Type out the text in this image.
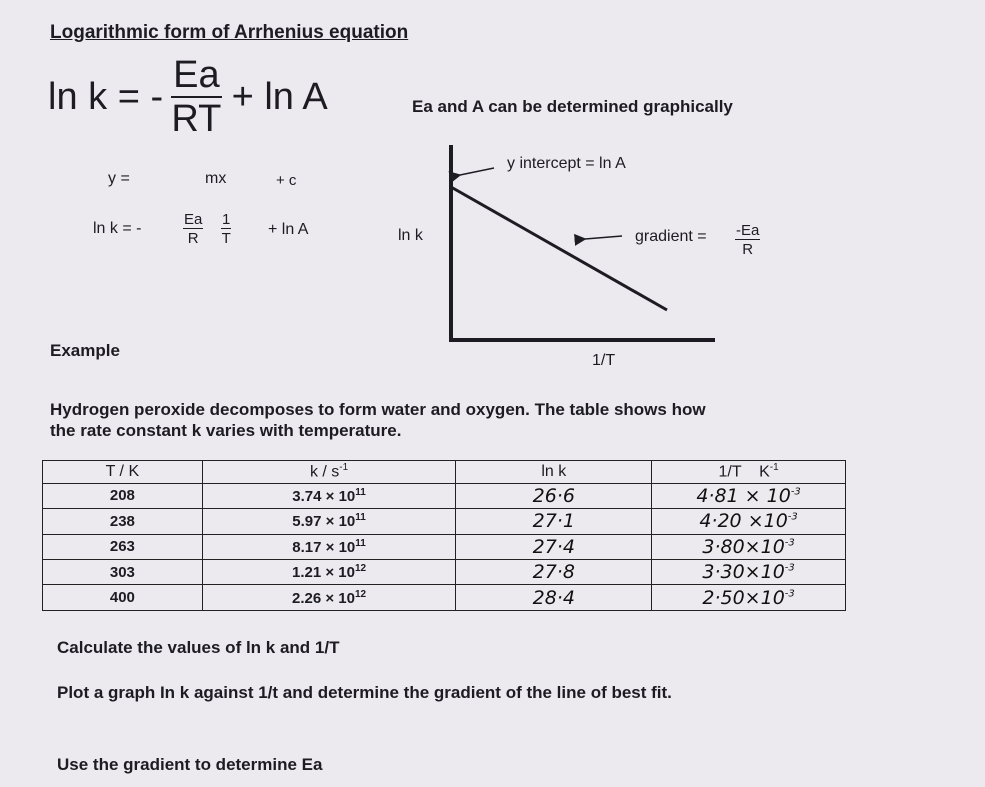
Logarithmic form of Arrhenius equation
ln k = - $\frac{Ea}{RT} + \ln A$	Ea and A can be determined graphically
y =	mx	+ c
ln k = -	$\frac{Ea}{R} \frac{1}{T} + \ln A$
y intercept = ln A
ln k	gradient = $\frac{-Ea}{R}$
1/T
Example
Hydrogen peroxide decomposes to form water and oxygen. The table shows how
the rate constant k varies with temperature.
T / K	k / $s^{-1}$	ln k	1/T    $K^{-1}$
208	$3.74 \times 10^{11}$	26·6	$4\cdot 81 \times 10^{-3}$
238	$5.97 \times 10^{11}$	27·1	$4\cdot 20 \times 10^{-3}$
263	$8.17 \times 10^{11}$	27·4	$3\cdot 80\times 10^{-3}$
303	$1.21 \times 10^{12}$	27·8	$3\cdot 30\times 10^{-3}$
400	$2.26 \times 10^{12}$	28·4	$2\cdot 50\times 10^{-3}$
Calculate the values of ln k and 1/T
Plot a graph In k against 1/t and determine the gradient of the line of best fit.
Use the gradient to determine Ea
